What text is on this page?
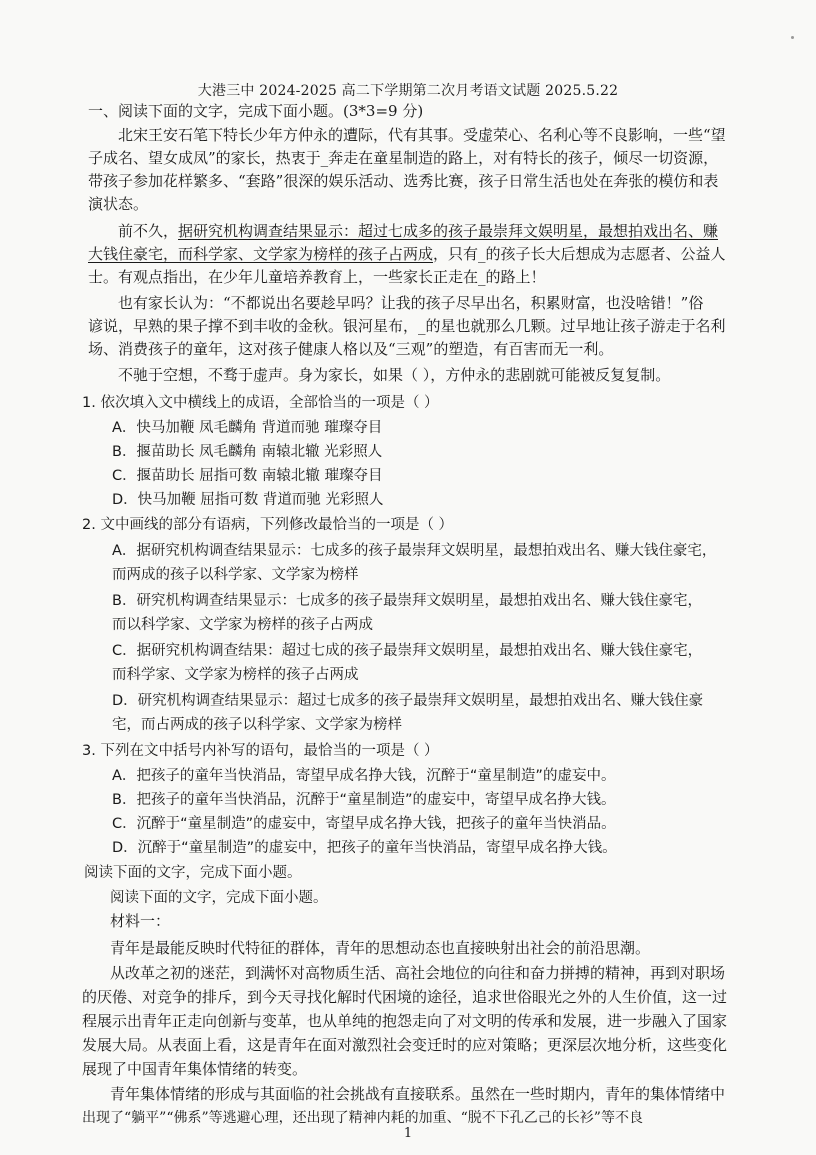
大港三中 2024-2025 高二下学期第二次月考语文试题 2025.5.22
一、阅读下面的文字，完成下面小题。(3*3=9 分)
北宋王安石笔下特长少年方仲永的遭际，代有其事。受虚荣心、名利心等不良影响，一些“望
子成名、望女成凤”的家长，热衷于_奔走在童星制造的路上，对有特长的孩子，倾尽一切资源，
带孩子参加花样繁多、“套路”很深的娱乐活动、选秀比赛，孩子日常生活也处在奔张的模仿和表
演状态。
前不久，据研究机构调查结果显示：超过七成多的孩子最崇拜文娱明星，最想拍戏出名、赚
大钱住豪宅，而科学家、文学家为榜样的孩子占两成，只有_的孩子长大后想成为志愿者、公益人
士。有观点指出，在少年儿童培养教育上，一些家长正走在_的路上！
也有家长认为：“不都说出名要趁早吗？让我的孩子尽早出名，积累财富，也没啥错！”俗
谚说，早熟的果子撑不到丰收的金秋。银河星布，_的星也就那么几颗。过早地让孩子游走于名利
场、消费孩子的童年，这对孩子健康人格以及“三观”的塑造，有百害而无一利。
不驰于空想，不骛于虚声。身为家长，如果（ ），方仲永的悲剧就可能被反复复制。
1. 依次填入文中横线上的成语，全部恰当的一项是（ ）
A．快马加鞭 凤毛麟角 背道而驰 璀璨夺目
B．揠苗助长 凤毛麟角 南辕北辙 光彩照人
C．揠苗助长 屈指可数 南辕北辙 璀璨夺目
D．快马加鞭 屈指可数 背道而驰 光彩照人
2. 文中画线的部分有语病，下列修改最恰当的一项是（ ）
A．据研究机构调查结果显示：七成多的孩子最崇拜文娱明星，最想拍戏出名、赚大钱住豪宅，
而两成的孩子以科学家、文学家为榜样
B．研究机构调查结果显示：七成多的孩子最崇拜文娱明星，最想拍戏出名、赚大钱住豪宅，
而以科学家、文学家为榜样的孩子占两成
C．据研究机构调查结果：超过七成的孩子最崇拜文娱明星，最想拍戏出名、赚大钱住豪宅，
而科学家、文学家为榜样的孩子占两成
D．研究机构调查结果显示：超过七成多的孩子最崇拜文娱明星，最想拍戏出名、赚大钱住豪
宅，而占两成的孩子以科学家、文学家为榜样
3. 下列在文中括号内补写的语句，最恰当的一项是（ ）
A．把孩子的童年当快消品，寄望早成名挣大钱，沉醉于“童星制造”的虚妄中。
B．把孩子的童年当快消品，沉醉于“童星制造”的虚妄中，寄望早成名挣大钱。
C．沉醉于“童星制造”的虚妄中，寄望早成名挣大钱，把孩子的童年当快消品。
D．沉醉于“童星制造”的虚妄中，把孩子的童年当快消品，寄望早成名挣大钱。
阅读下面的文字，完成下面小题。
阅读下面的文字，完成下面小题。
材料一：
青年是最能反映时代特征的群体，青年的思想动态也直接映射出社会的前沿思潮。
从改革之初的迷茫，到满怀对高物质生活、高社会地位的向往和奋力拼搏的精神，再到对职场
的厌倦、对竞争的排斥，到今天寻找化解时代困境的途径，追求世俗眼光之外的人生价值，这一过
程展示出青年正走向创新与变革，也从单纯的抱怨走向了对文明的传承和发展，进一步融入了国家
发展大局。从表面上看，这是青年在面对激烈社会变迁时的应对策略；更深层次地分析，这些变化
展现了中国青年集体情绪的转变。
青年集体情绪的形成与其面临的社会挑战有直接联系。虽然在一些时期内，青年的集体情绪中
出现了“躺平”“佛系”等逃避心理，还出现了精神内耗的加重、“脱不下孔乙己的长衫”等不良
1
